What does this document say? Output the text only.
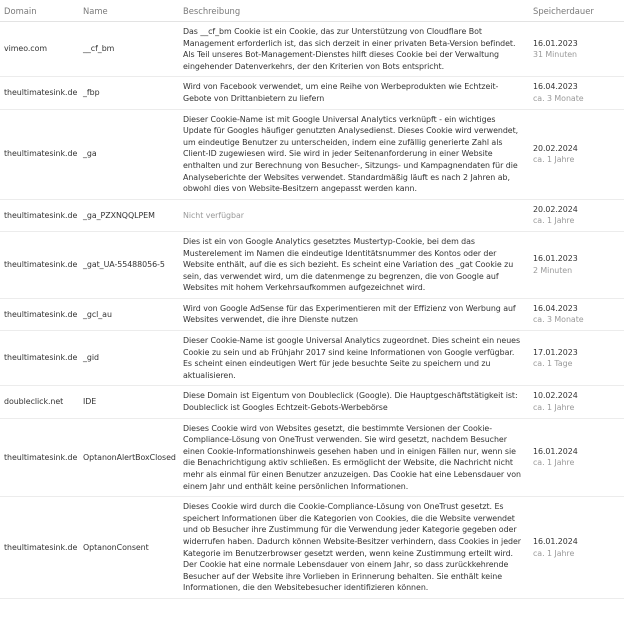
Domain	Name	Beschreibung	Speicherdauer
vimeo.com	__cf_bm	Das __cf_bm Cookie ist ein Cookie, das zur Unterstützung von Cloudflare Bot Management erforderlich ist, das sich derzeit in einer privaten Beta-Version befindet. Als Teil unseres Bot-Management-Dienstes hilft dieses Cookie bei der Verwaltung eingehender Datenverkehrs, der den Kriterien von Bots entspricht.	16.01.2023
31 Minuten

theultimatesink.de	_fbp	Wird von Facebook verwendet, um eine Reihe von Werbeprodukten wie Echtzeit-Gebote von Drittanbietern zu liefern	16.04.2023
ca. 3 Monate

theultimatesink.de	_ga	Dieser Cookie-Name ist mit Google Universal Analytics verknüpft - ein wichtiges Update für Googles häufiger genutzten Analysedienst. Dieses Cookie wird verwendet, um eindeutige Benutzer zu unterscheiden, indem eine zufällig generierte Zahl als Client-ID zugewiesen wird. Sie wird in jeder Seitenanforderung in einer Website enthalten und zur Berechnung von Besucher-, Sitzungs- und Kampagnendaten für die Analyseberichte der Websites verwendet. Standardmäßig läuft es nach 2 Jahren ab, obwohl dies von Website-Besitzern angepasst werden kann.	20.02.2024
ca. 1 Jahre

theultimatesink.de	_ga_PZXNQQLPEM	Nicht verfügbar	20.02.2024
ca. 1 Jahre

theultimatesink.de	_gat_UA-55488056-5	Dies ist ein von Google Analytics gesetztes Mustertyp-Cookie, bei dem das Musterelement im Namen die eindeutige Identitätsnummer des Kontos oder der Website enthält, auf die es sich bezieht. Es scheint eine Variation des _gat Cookie zu sein, das verwendet wird, um die datenmenge zu begrenzen, die von Google auf Websites mit hohem Verkehrsaufkommen aufgezeichnet wird.	16.01.2023
2 Minuten

theultimatesink.de	_gcl_au	Wird von Google AdSense für das Experimentieren mit der Effizienz von Werbung auf Websites verwendet, die ihre Dienste nutzen	16.04.2023
ca. 3 Monate

theultimatesink.de	_gid	Dieser Cookie-Name ist google Universal Analytics zugeordnet. Dies scheint ein neues Cookie zu sein und ab Frühjahr 2017 sind keine Informationen von Google verfügbar. Es scheint einen eindeutigen Wert für jede besuchte Seite zu speichern und zu aktualisieren.	17.01.2023
ca. 1 Tage

doubleclick.net	IDE	Diese Domain ist Eigentum von Doubleclick (Google). Die Hauptgeschäftstätigkeit ist: Doubleclick ist Googles Echtzeit-Gebots-Werbebörse	10.02.2024
ca. 1 Jahre

theultimatesink.de	OptanonAlertBoxClosed	Dieses Cookie wird von Websites gesetzt, die bestimmte Versionen der Cookie-Compliance-Lösung von OneTrust verwenden. Sie wird gesetzt, nachdem Besucher einen Cookie-Informationshinweis gesehen haben und in einigen Fällen nur, wenn sie die Benachrichtigung aktiv schließen. Es ermöglicht der Website, die Nachricht nicht mehr als einmal für einen Benutzer anzuzeigen. Das Cookie hat eine Lebensdauer von einem Jahr und enthält keine persönlichen Informationen.	16.01.2024
ca. 1 Jahre

theultimatesink.de	OptanonConsent	Dieses Cookie wird durch die Cookie-Compliance-Lösung von OneTrust gesetzt. Es speichert Informationen über die Kategorien von Cookies, die die Website verwendet und ob Besucher ihre Zustimmung für die Verwendung jeder Kategorie gegeben oder widerrufen haben. Dadurch können Website-Besitzer verhindern, dass Cookies in jeder Kategorie im Benutzerbrowser gesetzt werden, wenn keine Zustimmung erteilt wird. Der Cookie hat eine normale Lebensdauer von einem Jahr, so dass zurückkehrende Besucher auf der Website ihre Vorlieben in Erinnerung behalten. Sie enthält keine Informationen, die den Websitebesucher identifizieren können.	16.01.2024
ca. 1 Jahre
